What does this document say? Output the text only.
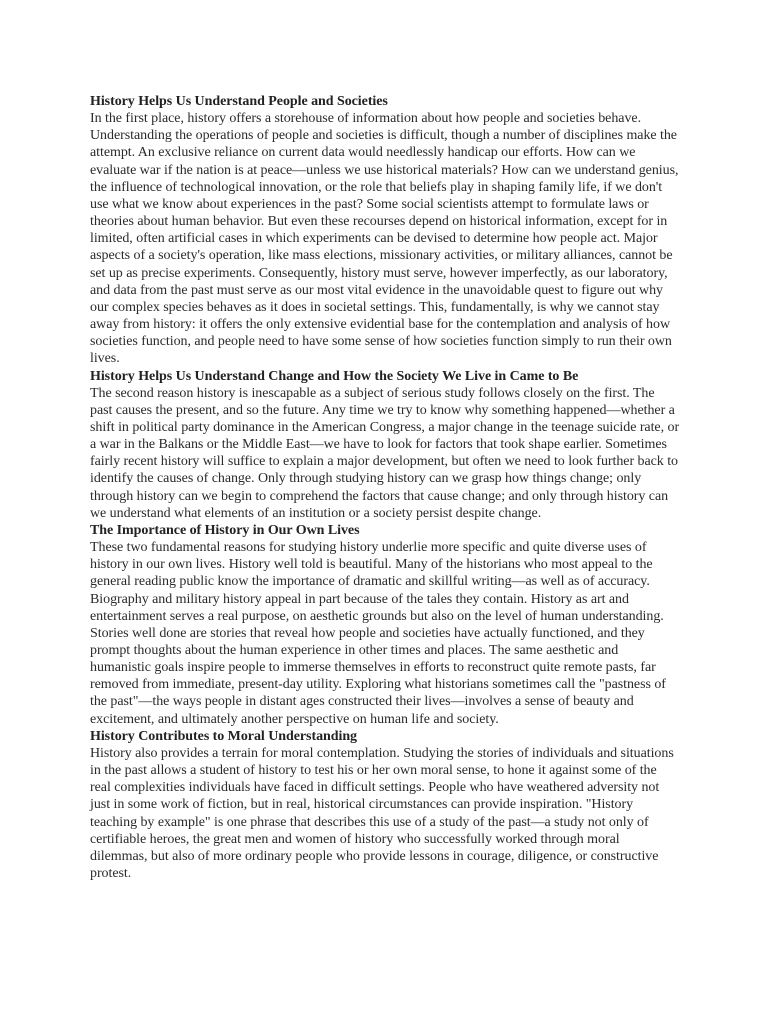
History Helps Us Understand People and Societies

In the first place, history offers a storehouse of information about how people and societies behave. Understanding the operations of people and societies is difficult, though a number of disciplines make the attempt. An exclusive reliance on current data would needlessly handicap our efforts. How can we evaluate war if the nation is at peace—unless we use historical materials? How can we understand genius, the influence of technological innovation, or the role that beliefs play in shaping family life, if we don't use what we know about experiences in the past? Some social scientists attempt to formulate laws or theories about human behavior. But even these recourses depend on historical information, except for in limited, often artificial cases in which experiments can be devised to determine how people act. Major aspects of a society's operation, like mass elections, missionary activities, or military alliances, cannot be set up as precise experiments. Consequently, history must serve, however imperfectly, as our laboratory, and data from the past must serve as our most vital evidence in the unavoidable quest to figure out why our complex species behaves as it does in societal settings. This, fundamentally, is why we cannot stay away from history: it offers the only extensive evidential base for the contemplation and analysis of how societies function, and people need to have some sense of how societies function simply to run their own lives.

History Helps Us Understand Change and How the Society We Live in Came to Be

The second reason history is inescapable as a subject of serious study follows closely on the first. The past causes the present, and so the future. Any time we try to know why something happened—whether a shift in political party dominance in the American Congress, a major change in the teenage suicide rate, or a war in the Balkans or the Middle East—we have to look for factors that took shape earlier. Sometimes fairly recent history will suffice to explain a major development, but often we need to look further back to identify the causes of change. Only through studying history can we grasp how things change; only through history can we begin to comprehend the factors that cause change; and only through history can we understand what elements of an institution or a society persist despite change.

The Importance of History in Our Own Lives

These two fundamental reasons for studying history underlie more specific and quite diverse uses of history in our own lives. History well told is beautiful. Many of the historians who most appeal to the general reading public know the importance of dramatic and skillful writing—as well as of accuracy. Biography and military history appeal in part because of the tales they contain. History as art and entertainment serves a real purpose, on aesthetic grounds but also on the level of human understanding. Stories well done are stories that reveal how people and societies have actually functioned, and they prompt thoughts about the human experience in other times and places. The same aesthetic and humanistic goals inspire people to immerse themselves in efforts to reconstruct quite remote pasts, far removed from immediate, present-day utility. Exploring what historians sometimes call the "pastness of the past"—the ways people in distant ages constructed their lives—involves a sense of beauty and excitement, and ultimately another perspective on human life and society.

History Contributes to Moral Understanding

History also provides a terrain for moral contemplation. Studying the stories of individuals and situations in the past allows a student of history to test his or her own moral sense, to hone it against some of the real complexities individuals have faced in difficult settings. People who have weathered adversity not just in some work of fiction, but in real, historical circumstances can provide inspiration. "History teaching by example" is one phrase that describes this use of a study of the past—a study not only of certifiable heroes, the great men and women of history who successfully worked through moral dilemmas, but also of more ordinary people who provide lessons in courage, diligence, or constructive protest.
